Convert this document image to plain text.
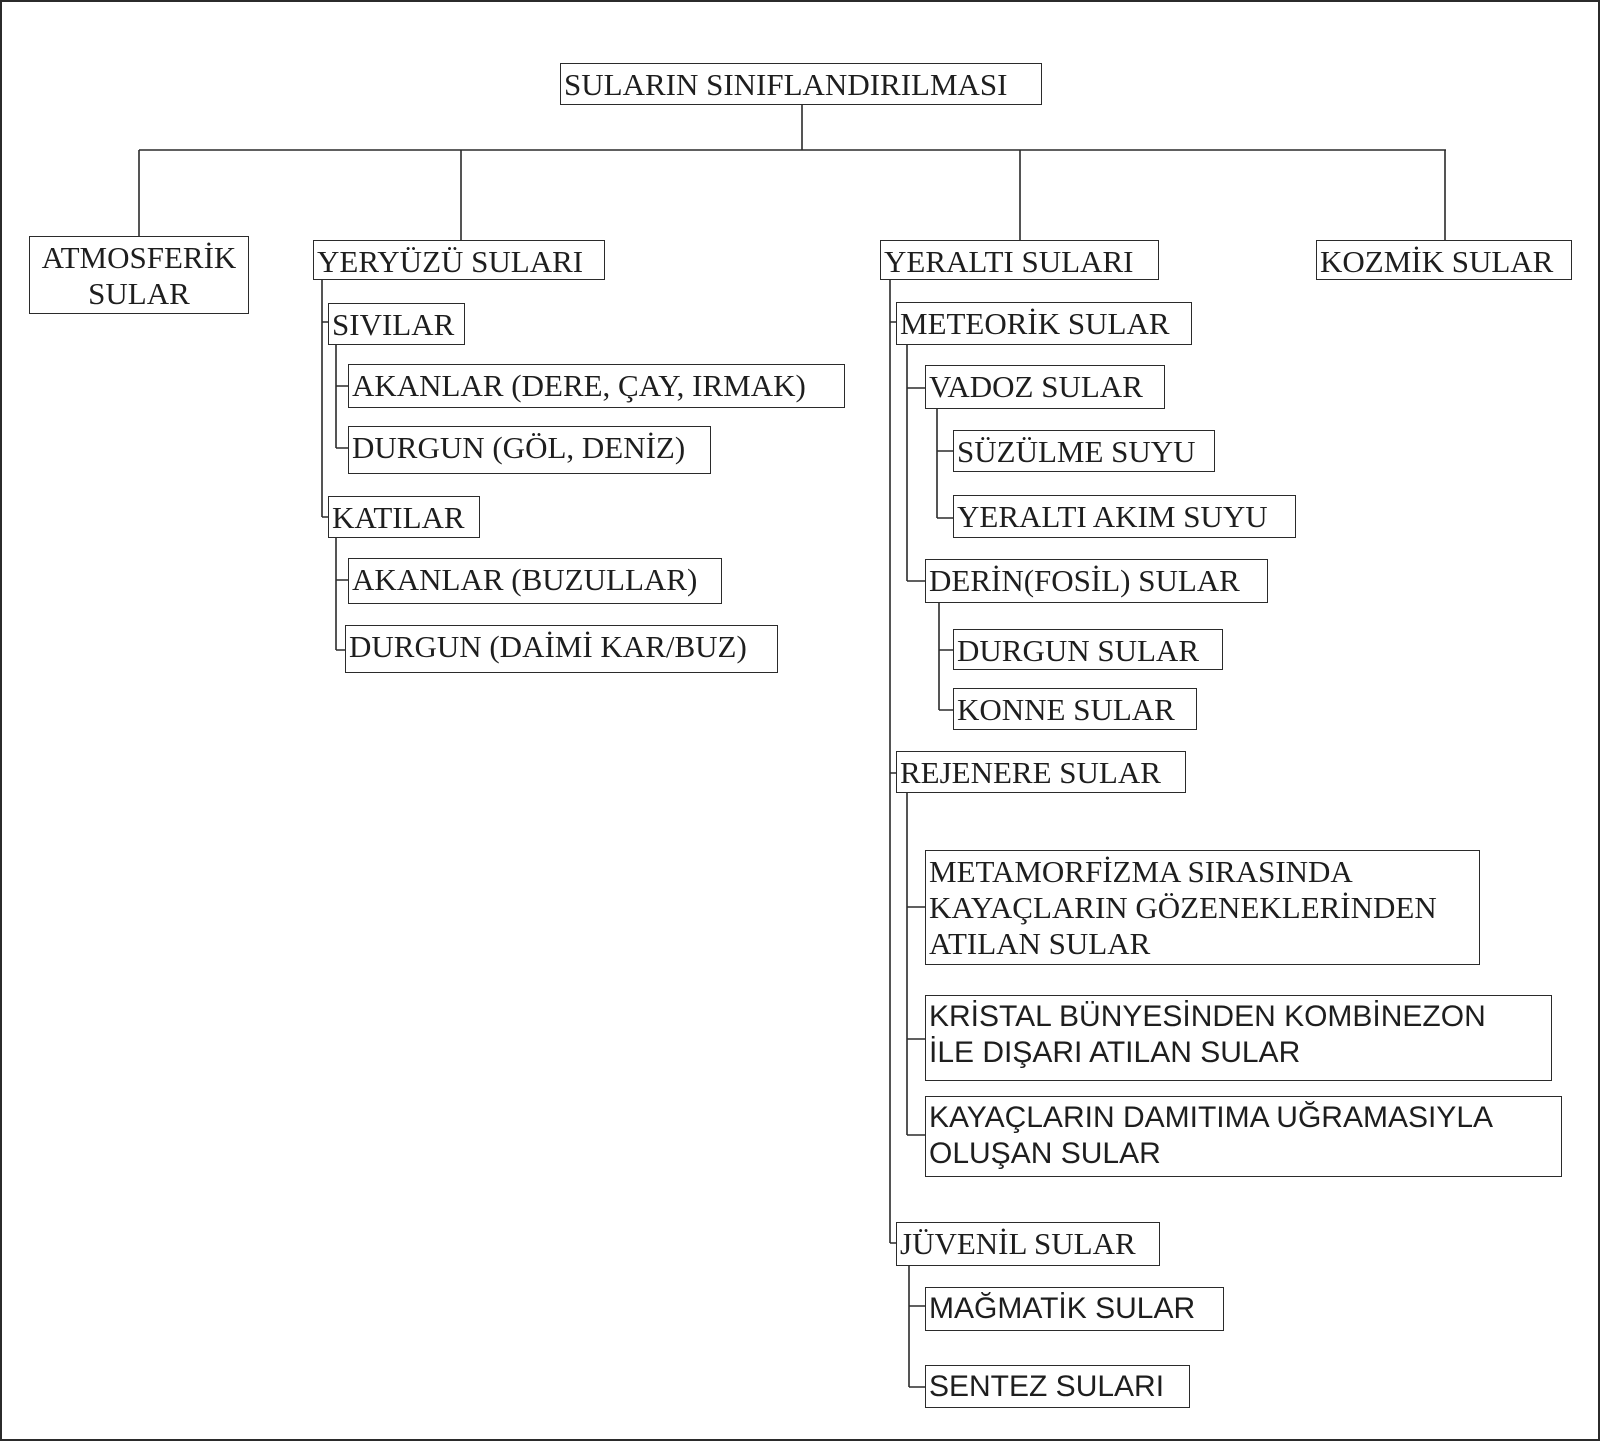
SULARIN SINIFLANDIRILMASI
ATMOSFERİK
SULAR
YERYÜZÜ SULARI	YERALTI SULARI	KOZMİK SULAR
SIVILAR
AKANLAR (DERE, ÇAY, IRMAK)
DURGUN (GÖL, DENİZ)
KATILAR
AKANLAR (BUZULLAR)
DURGUN (DAİMİ KAR/BUZ)
METEORİK SULAR
VADOZ SULAR
SÜZÜLME SUYU
YERALTI AKIM SUYU
DERİN(FOSİL) SULAR
DURGUN SULAR
KONNE SULAR
REJENERE SULAR
METAMORFİZMA SIRASINDA
KAYAÇLARIN GÖZENEKLERİNDEN
ATILAN SULAR
KRİSTAL BÜNYESİNDEN KOMBİNEZON
İLE DIŞARI ATILAN SULAR
KAYAÇLARIN DAMITIMA UĞRAMASIYLA
OLUŞAN SULAR
JÜVENİL SULAR
MAĞMATİK SULAR
SENTEZ SULARI
